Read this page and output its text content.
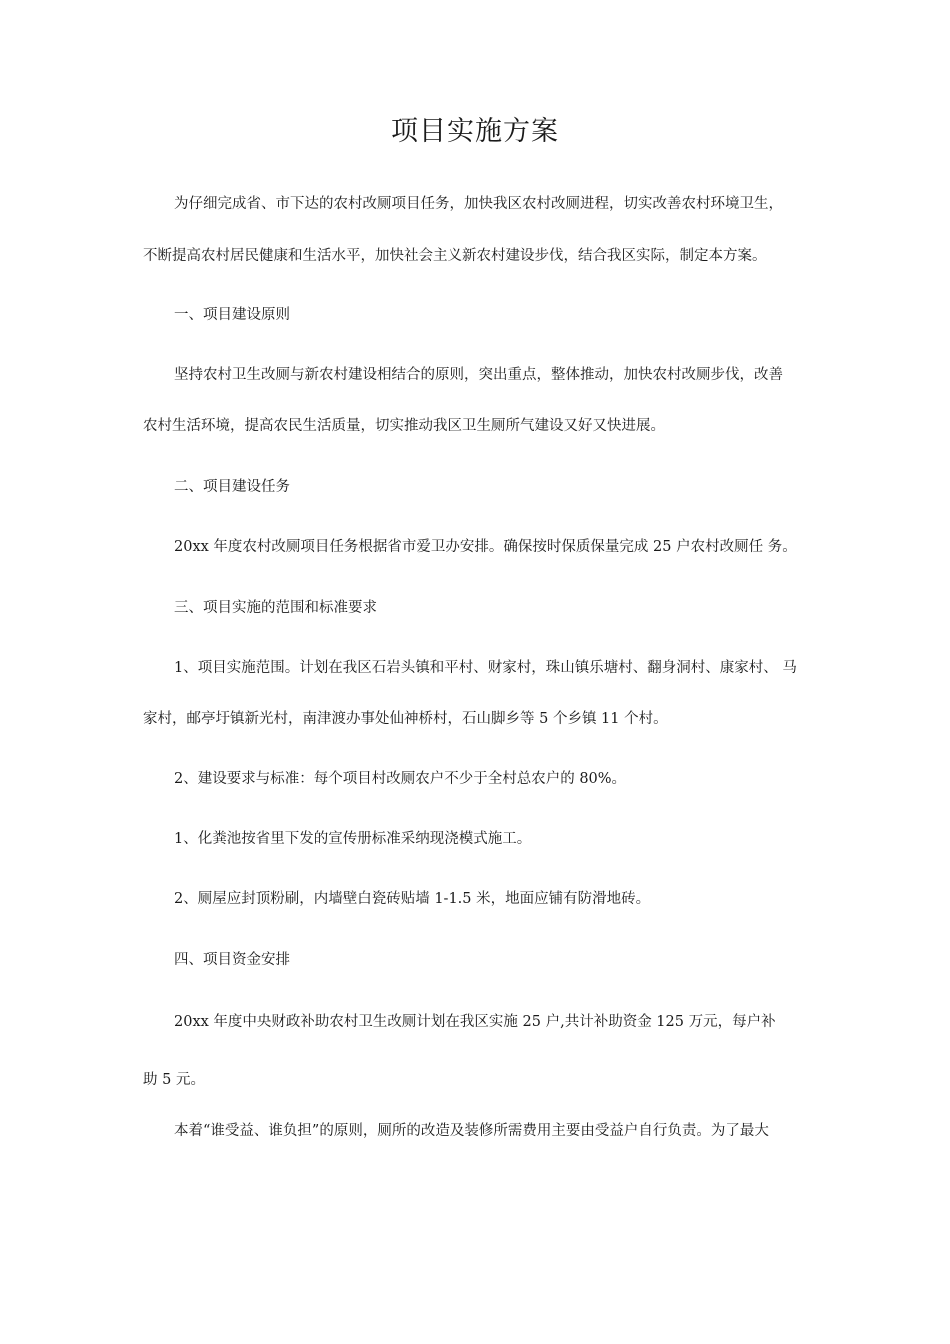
项目实施方案
为仔细完成省、市下达的农村改厕项目任务，加快我区农村改厕进程，切实改善农村环境卫生，
不断提高农村居民健康和生活水平，加快社会主义新农村建设步伐，结合我区实际，制定本方案。
一、项目建设原则
坚持农村卫生改厕与新农村建设相结合的原则，突出重点，整体推动，加快农村改厕步伐，改善
农村生活环境，提高农民生活质量，切实推动我区卫生厕所气建设又好又快进展。
二、项目建设任务
20xx 年度农村改厕项目任务根据省市爱卫办安排。确保按时保质保量完成 25 户农村改厕任 务。
三、项目实施的范围和标准要求
1、项目实施范围。计划在我区石岩头镇和平村、财家村，珠山镇乐塘村、翻身洞村、康家村、 马
家村，邮亭圩镇新光村，南津渡办事处仙神桥村，石山脚乡等 5 个乡镇 11 个村。
2、建设要求与标准：每个项目村改厕农户不少于全村总农户的 80%。
1、化粪池按省里下发的宣传册标准采纳现浇模式施工。
2、厕屋应封顶粉刷，内墙壁白瓷砖贴墙 1-1.5 米，地面应铺有防滑地砖。
四、项目资金安排
20xx 年度中央财政补助农村卫生改厕计划在我区实施 25 户,共计补助资金 125 万元，每户补
助 5 元。
本着“谁受益、谁负担”的原则，厕所的改造及装修所需费用主要由受益户自行负责。为了最大
